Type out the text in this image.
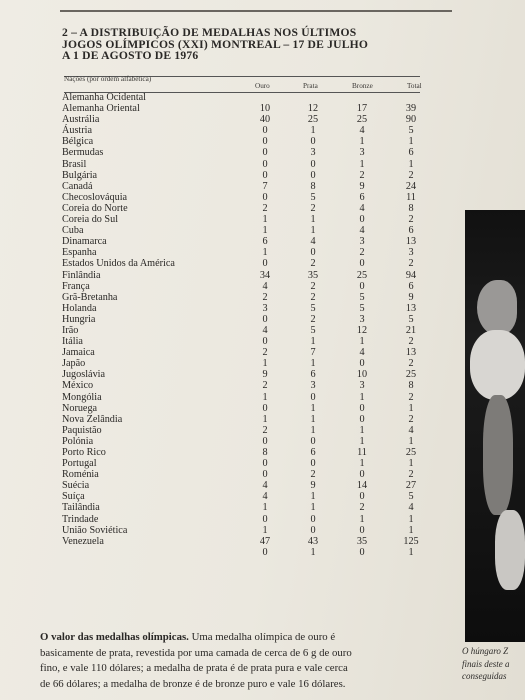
2 – A DISTRIBUIÇÃO DE MEDALHAS NOS ÚLTIMOS
JOGOS OLÍMPICOS (XXI) MONTREAL – 17 DE JULHO
A 1 DE AGOSTO DE 1976
Nações (por ordem alfabética)
Ouro	Prata	Bronze	Total
Alemanha Ocidental
Alemanha Oriental	10	12	17	39
Austrália	40	25	25	90
Áustria	0	1	4	5
Bélgica	0	0	1	1
Bermudas	0	3	3	6
Brasil	0	0	1	1
Bulgária	0	0	2	2
Canadá	7	8	9	24
Checoslováquia	0	5	6	11
Coreia do Norte	2	2	4	8
Coreia do Sul	1	1	0	2
Cuba	1	1	4	6
Dinamarca	6	4	3	13
Espanha	1	0	2	3
Estados Unidos da América	0	2	0	2
Finlândia	34	35	25	94
França	4	2	0	6
Grã-Bretanha	2	2	5	9
Holanda	3	5	5	13
Hungria	0	2	3	5
Irão	4	5	12	21
Itália	0	1	1	2
Jamaica	2	7	4	13
Japão	1	1	0	2
Jugoslávia	9	6	10	25
México	2	3	3	8
Mongólia	1	0	1	2
Noruega	0	1	0	1
Nova Zelândia	1	1	0	2
Paquistão	2	1	1	4
Polónia	0	0	1	1
Porto Rico	8	6	11	25
Portugal	0	0	1	1
Roménia	0	2	0	2
Suécia	4	9	14	27
Suíça	4	1	0	5
Tailândia	1	1	2	4
Trindade	0	0	1	1
União Soviética	1	0	0	1
Venezuela	47	43	35	125
0	1	0	1
O valor das medalhas olímpicas. Uma medalha olímpica de ouro é
basicamente de prata, revestida por uma camada de cerca de 6 g de ouro
fino, e vale 110 dólares; a medalha de prata é de prata pura e vale cerca
de 66 dólares; a medalha de bronze é de bronze puro e vale 16 dólares.
O húngaro Z
finais deste a
conseguidas
